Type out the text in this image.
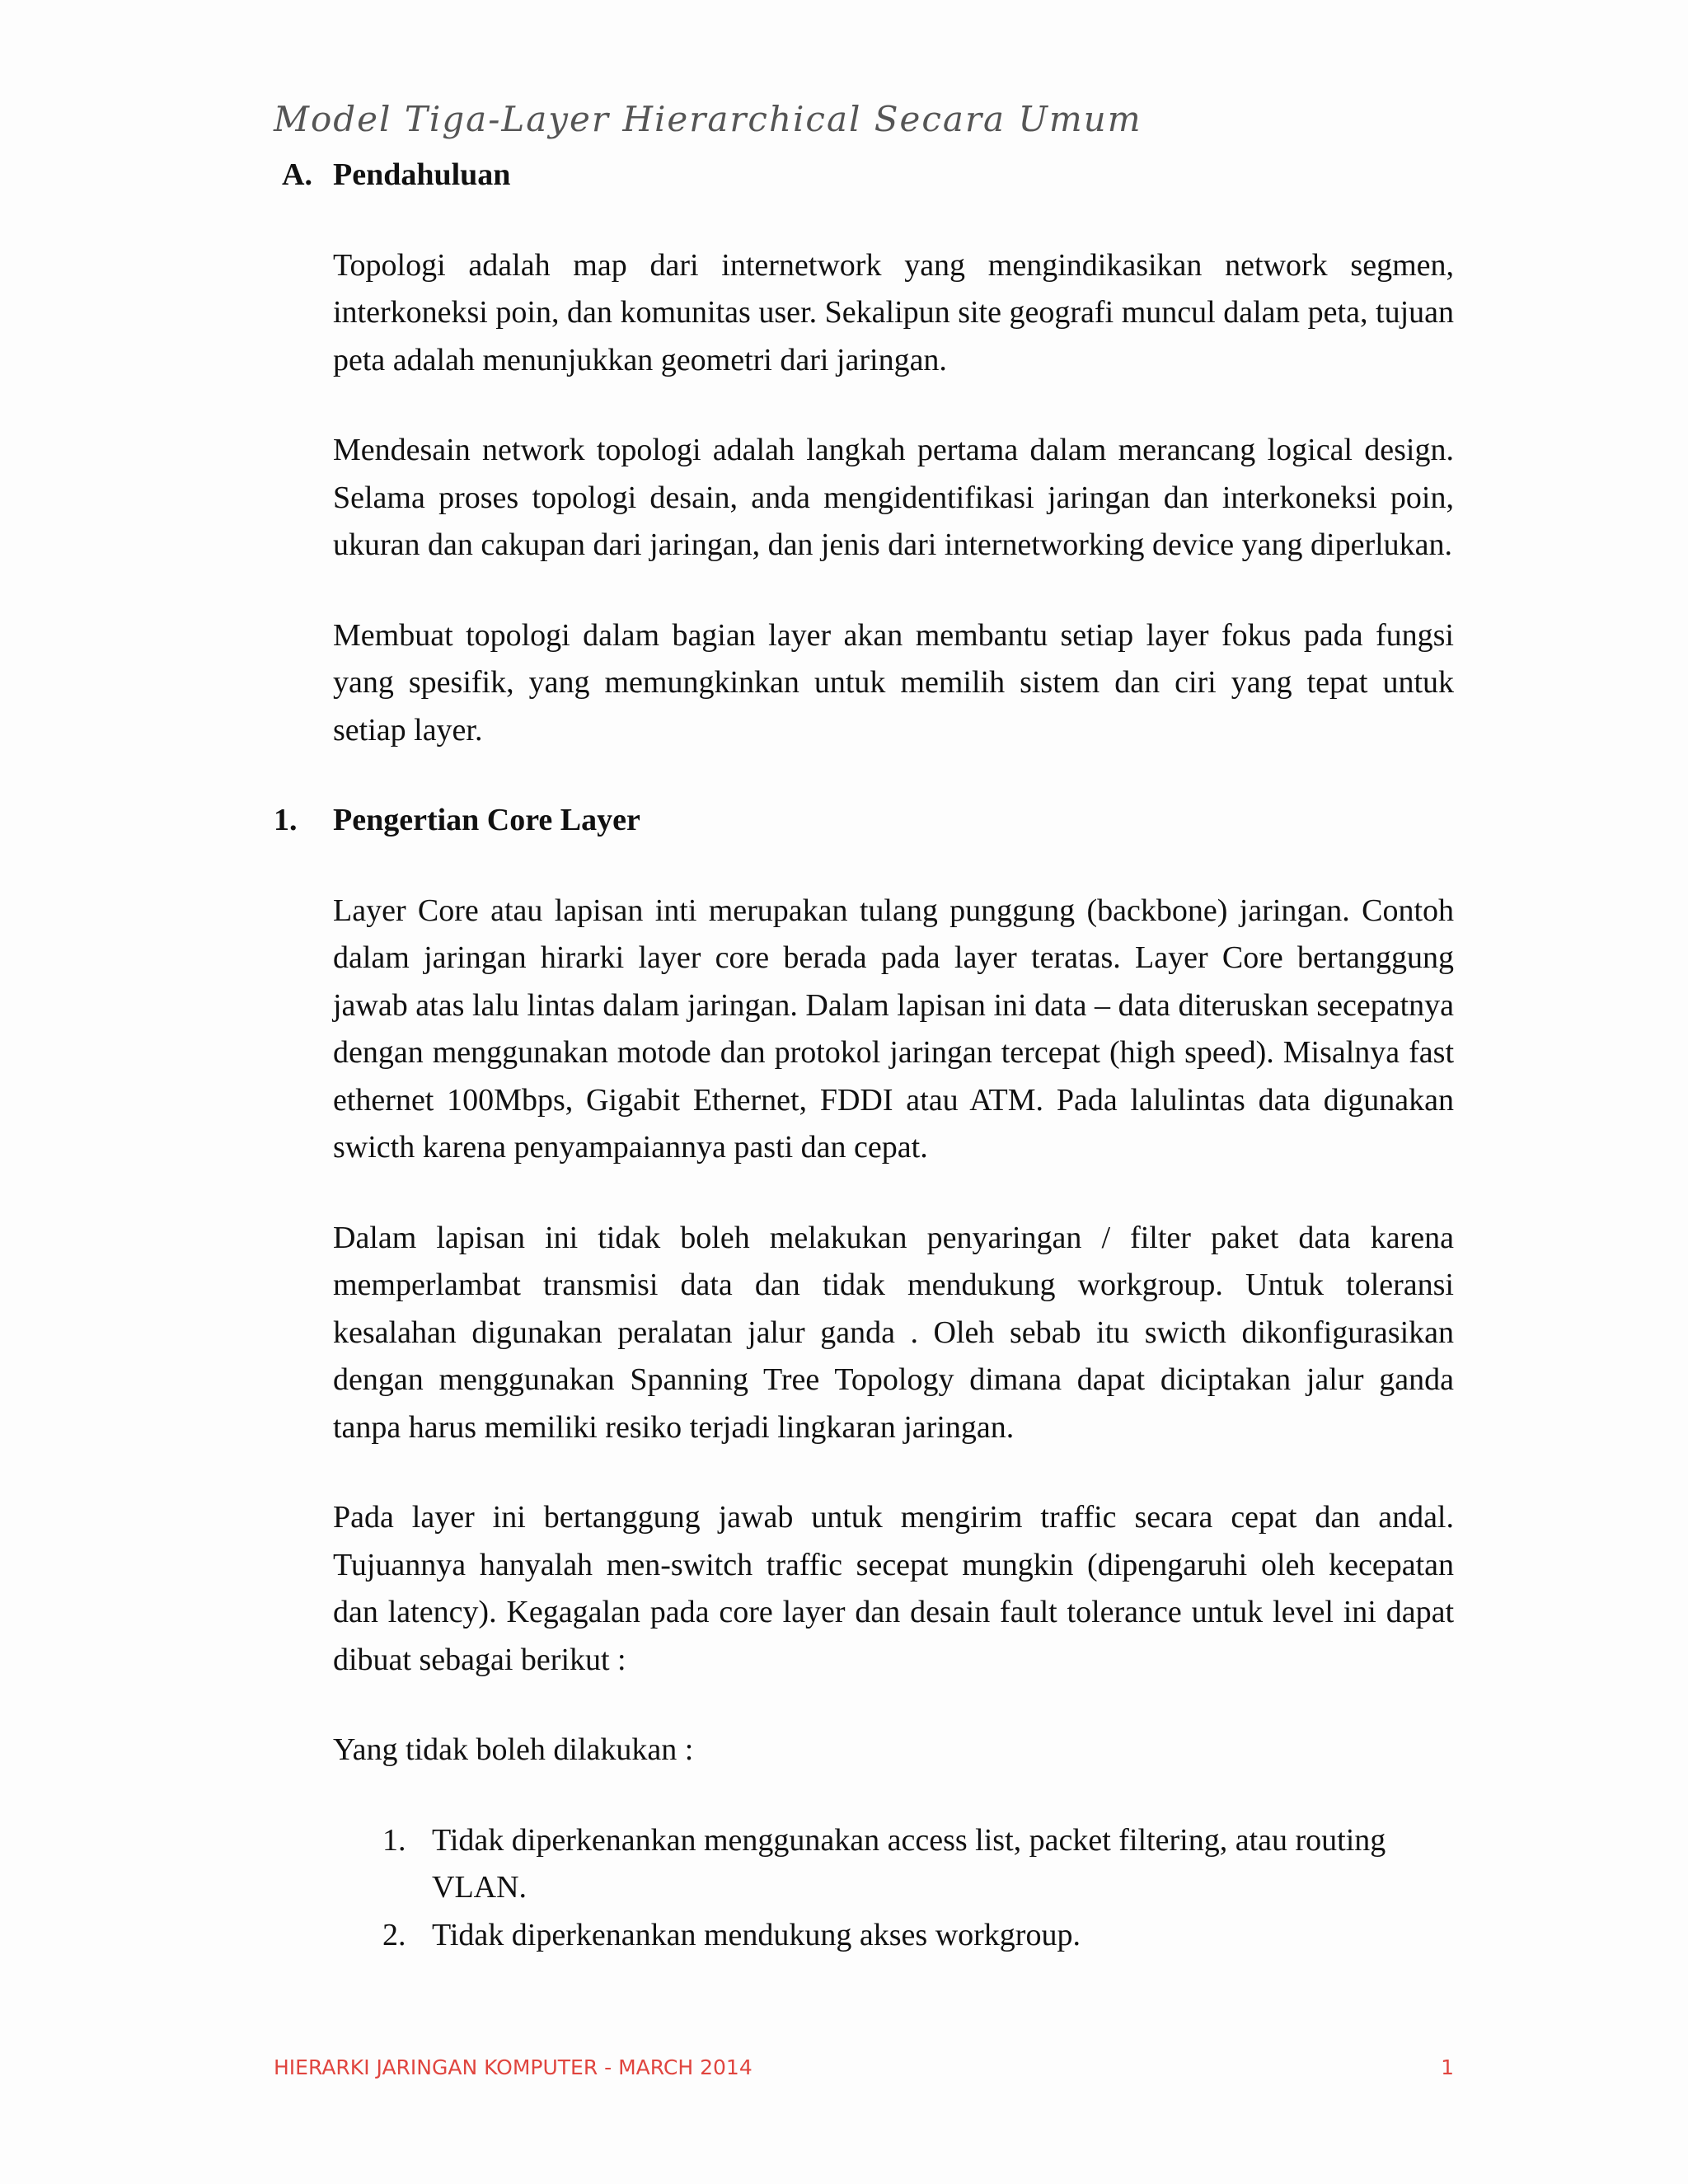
Model Tiga-Layer Hierarchical Secara Umum
A. Pendahuluan

Topologi adalah map dari internetwork yang mengindikasikan network segmen, interkoneksi poin, dan komunitas user. Sekalipun site geografi muncul dalam peta, tujuan peta adalah menunjukkan geometri dari jaringan.

Mendesain network topologi adalah langkah pertama dalam merancang logical design. Selama proses topologi desain, anda mengidentifikasi jaringan dan interkoneksi poin, ukuran dan cakupan dari jaringan, dan jenis dari internetworking device yang diperlukan.

Membuat topologi dalam bagian layer akan membantu setiap layer fokus pada fungsi yang spesifik, yang memungkinkan untuk memilih sistem dan ciri yang tepat untuk setiap layer.

1. Pengertian Core Layer

Layer Core atau lapisan inti merupakan tulang punggung (backbone) jaringan. Contoh dalam jaringan hirarki layer core berada pada layer teratas. Layer Core bertanggung jawab atas lalu lintas dalam jaringan. Dalam lapisan ini data – data diteruskan secepatnya dengan menggunakan motode dan protokol jaringan tercepat (high speed). Misalnya fast ethernet 100Mbps, Gigabit Ethernet, FDDI atau ATM. Pada lalulintas data digunakan swicth karena penyampaiannya pasti dan cepat.

Dalam lapisan ini tidak boleh melakukan penyaringan / filter paket data karena memperlambat transmisi data dan tidak mendukung workgroup. Untuk toleransi kesalahan digunakan peralatan jalur ganda . Oleh sebab itu swicth dikonfigurasikan dengan menggunakan Spanning Tree Topology dimana dapat diciptakan jalur ganda tanpa harus memiliki resiko terjadi lingkaran jaringan.

Pada layer ini bertanggung jawab untuk mengirim traffic secara cepat dan andal. Tujuannya hanyalah men-switch traffic secepat mungkin (dipengaruhi oleh kecepatan dan latency). Kegagalan pada core layer dan desain fault tolerance untuk level ini dapat dibuat sebagai berikut :

Yang tidak boleh dilakukan :

1. Tidak diperkenankan menggunakan access list, packet filtering, atau routing VLAN.
2. Tidak diperkenankan mendukung akses workgroup.
HIERARKI JARINGAN KOMPUTER - MARCH 2014	1
